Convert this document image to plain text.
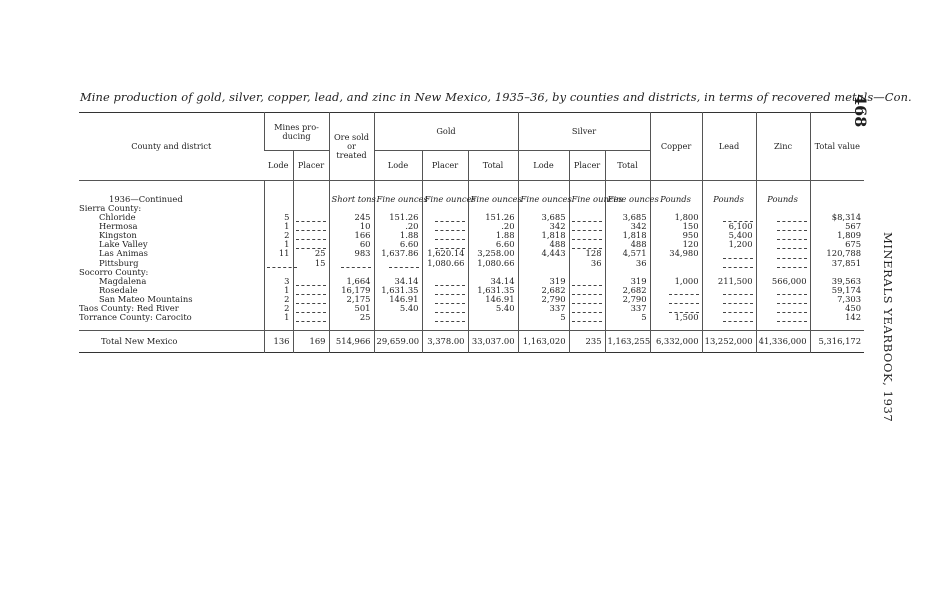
Mine production of gold, silver, copper, lead, and zinc in New Mexico, 1935–36, by counties and districts, in terms of recovered metals—Con.
468
MINERALS YEARBOOK, 1937
County and district	Mines pro-ducing		Ore sold or treated	Gold			Silver			Copper	Lead	Zinc	Total value
	Lode	Placer		Lode	Placer	Total	Lode	Placer	Total				
1936—Continued			Short tons	Fine ounces	Fine ounces	Fine ounces	Fine ounces	Fine ounces	Fine ounces	Pounds	Pounds	Pounds	
Sierra County:													
Chloride	5		245	151.26		151.26	3,685		3,685	1,800			$8,314
Hermosa	1		10	.20		.20	342		342	150	6,100		567
Kingston	2		166	1.88		1.88	1,818		1,818	950	5,400		1,809
Lake Valley	1		60	6.60		6.60	488		488	120	1,200		675
Las Animas	11	25	983	1,637.86	1,620.14	3,258.00	4,443	128	4,571	34,980			120,788
Pittsburg		15			1,080.66	1,080.66		36	36				37,851
Socorro County:													
Magdalena	3		1,664	34.14		34.14	319		319	1,000	211,500	566,000	39,563
Rosedale	1		16,179	1,631.35		1,631.35	2,682		2,682				59,174
San Mateo Mountains	2		2,175	146.91		146.91	2,790		2,790				7,303
Taos County: Red River	2		501	5.40		5.40	337		337				450
Torrance County: Carocito	1		25				5		5	1,500			142

Total New Mexico	136	169	514,966	29,659.00	3,378.00	33,037.00	1,163,020	235	1,163,255	6,332,000	13,252,000	41,336,000	5,316,172
